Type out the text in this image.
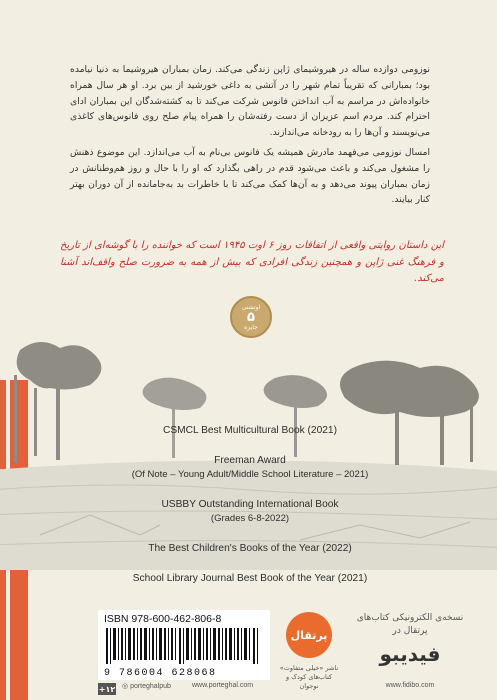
نوزومی دوازده ساله در هیروشیمای ژاپن زندگی می‌کند. زمان بمباران هیروشیما به دنیا نیامده بود؛ بمبارانی که تقریباً تمام شهر را در آتشی به داغی خورشید از بین برد. او هر سال همراه خانواده‌اش در مراسم به آب انداختن فانوس شرکت می‌کند تا به کشته‌شدگان این بمباران ادای احترام کند. مردم اسم عزیزان از دست رفته‌شان را همراه پیام صلح روی فانوس‌های کاغذی می‌نویسند و آن‌ها را به رودخانه می‌اندازند.

امسال نوزومی می‌فهمد مادرش همیشه یک فانوس بی‌نام به آب می‌اندازد. این موضوع ذهنش را مشغول می‌کند و باعث می‌شود قدم در راهی بگذارد که او را با حال و روز هم‌وطنانش در زمان بمباران پیوند می‌دهد و به آن‌ها کمک می‌کند تا با خاطرات بد به‌جامانده از آن دوران بهتر کنار بیایند.

این داستان روایتی واقعی از اتفاقات روز ۶ اوت ۱۹۴۵ است که خواننده را با گوشه‌ای از تاریخ و فرهنگ غنی ژاپن و همچنین زندگی افرادی که بیش از همه به ضرورت صلح واقف‌اند آشنا می‌کند.
اوتشتی
۵
جایزه
CSMCL Best Multicultural Book (2021)
Freeman Award
(Of Note – Young Adult/Middle School Literature – 2021)
USBBY Outstanding International Book
(Grades 6-8-2022)
The Best Children's Books of the Year (2022)
School Library Journal Best Book of the Year (2021)
ISBN 978-600-462-806-8
9 786004 628068
+۱۲ ◎ porteghalpub	www.porteghal.com
پرتقال
ناشر «خیلی متفاوت» کتاب‌های کودک و نوجوان
نسخه‌ی الکترونیکی کتاب‌های پرتقال در
فیدیبو
www.fidibo.com
